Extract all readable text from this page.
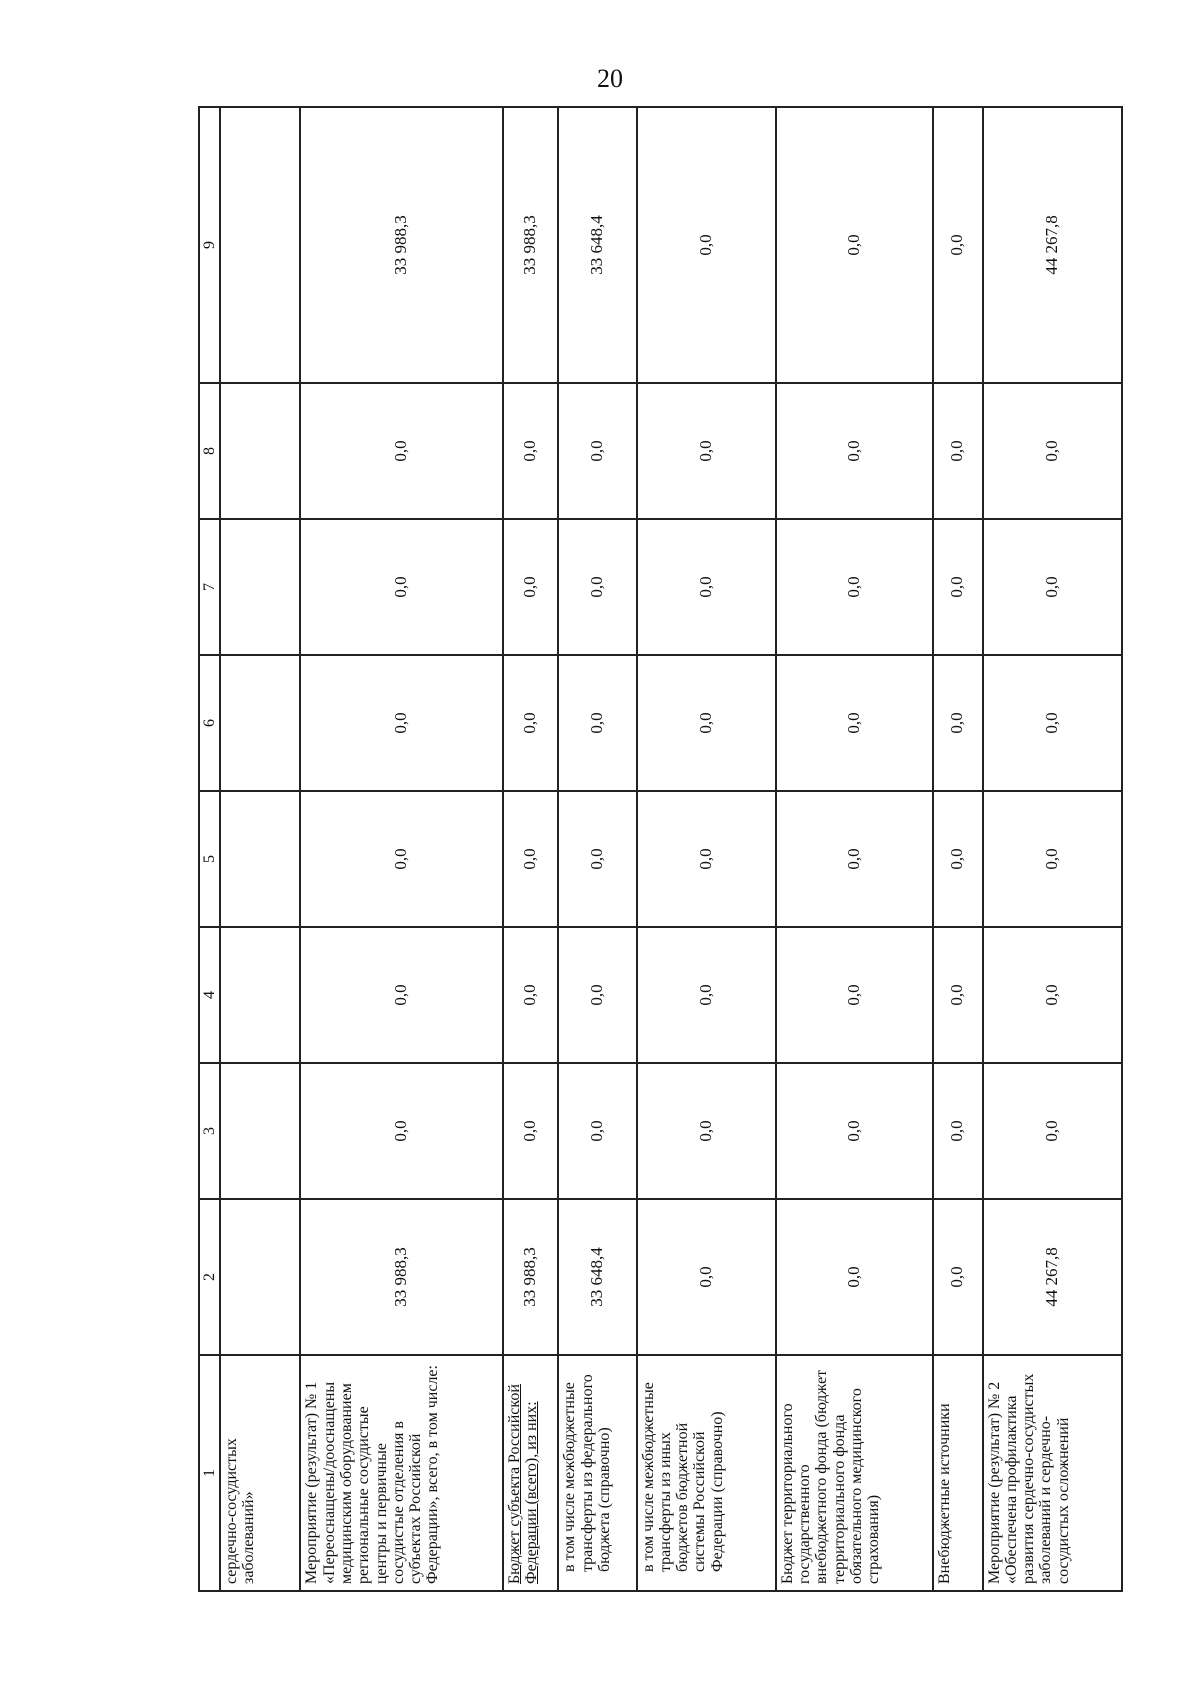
20
1	2	3	4	5	6	7	8	9
сердечно-сосудистых заболеваний»								
Мероприятие (результат) № 1 «Переоснащены/дооснащены медицинским оборудованием региональные сосудистые центры и первичные сосудистые отделения в субъектах Российской Федерации», всего, в том числе:	33 988,3	0,0	0,0	0,0	0,0	0,0	0,0	33 988,3
Бюджет субъекта Российской Федерации (всего), из них:	33 988,3	0,0	0,0	0,0	0,0	0,0	0,0	33 988,3
в том числе межбюджетные трансферты из федерального бюджета (справочно)	33 648,4	0,0	0,0	0,0	0,0	0,0	0,0	33 648,4
в том числе межбюджетные трансферты из иных бюджетов бюджетной системы Российской Федерации (справочно)	0,0	0,0	0,0	0,0	0,0	0,0	0,0	0,0
Бюджет территориального государственного внебюджетного фонда (бюджет территориального фонда обязательного медицинского страхования)	0,0	0,0	0,0	0,0	0,0	0,0	0,0	0,0
Внебюджетные источники	0,0	0,0	0,0	0,0	0,0	0,0	0,0	0,0
Мероприятие (результат) № 2 «Обеспечена профилактика развития сердечно-сосудистых заболеваний и сердечно-сосудистых осложнений	44 267,8	0,0	0,0	0,0	0,0	0,0	0,0	44 267,8
